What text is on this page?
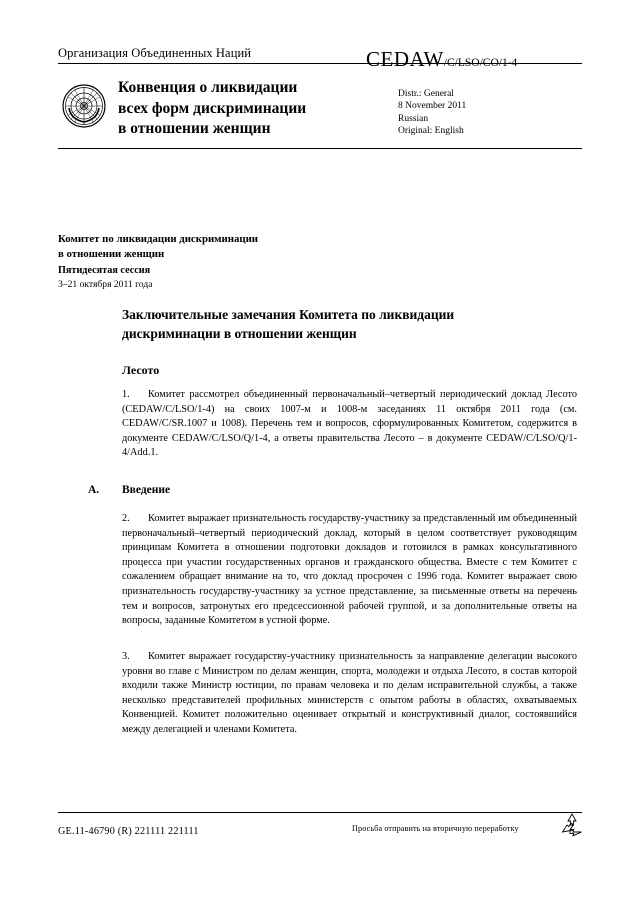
Организация Объединенных Наций	CEDAW/C/LSO/CO/1-4
Конвенция о ликвидации
всех форм дискриминации
в отношении женщин
Distr.: General
8 November 2011
Russian
Original: English
Комитет по ликвидации дискриминации
в отношении женщин
Пятидесятая сессия
3–21 октября 2011 года
Заключительные замечания Комитета по ликвидации
дискриминации в отношении женщин
Лесото
1. Комитет рассмотрел объединенный первоначальный–четвертый периодический доклад Лесото (CEDAW/C/LSO/1-4) на своих 1007-м и 1008-м заседаниях 11 октября 2011 года (см. CEDAW/C/SR.1007 и 1008). Перечень тем и вопросов, сформулированных Комитетом, содержится в документе CEDAW/C/LSO/Q/1-4, а ответы правительства Лесото – в документе CEDAW/C/LSO/Q/1-4/Add.1.
A. Введение
2. Комитет выражает признательность государству-участнику за представленный им объединенный первоначальный–четвертый периодический доклад, который в целом соответствует руководящим принципам Комитета в отношении подготовки докладов и готовился в рамках консультативного процесса при участии государственных органов и гражданского общества. Вместе с тем Комитет с сожалением обращает внимание на то, что доклад просрочен с 1996 года. Комитет выражает свою признательность государству-участнику за устное представление, за письменные ответы на перечень тем и вопросов, затронутых его предсессионной рабочей группой, и за дополнительные ответы на вопросы, заданные Комитетом в устной форме.
3. Комитет выражает государству-участнику признательность за направление делегации высокого уровня во главе с Министром по делам женщин, спорта, молодежи и отдыха Лесото, в состав которой входили также Министр юстиции, по правам человека и по делам исправительной службы, а также несколько представителей профильных министерств с опытом работы в областях, охватываемых Конвенцией. Комитет положительно оценивает открытый и конструктивный диалог, состоявшийся между делегацией и членами Комитета.
GE.11-46790 (R) 221111 221111	Просьба отправить на вторичную переработку
